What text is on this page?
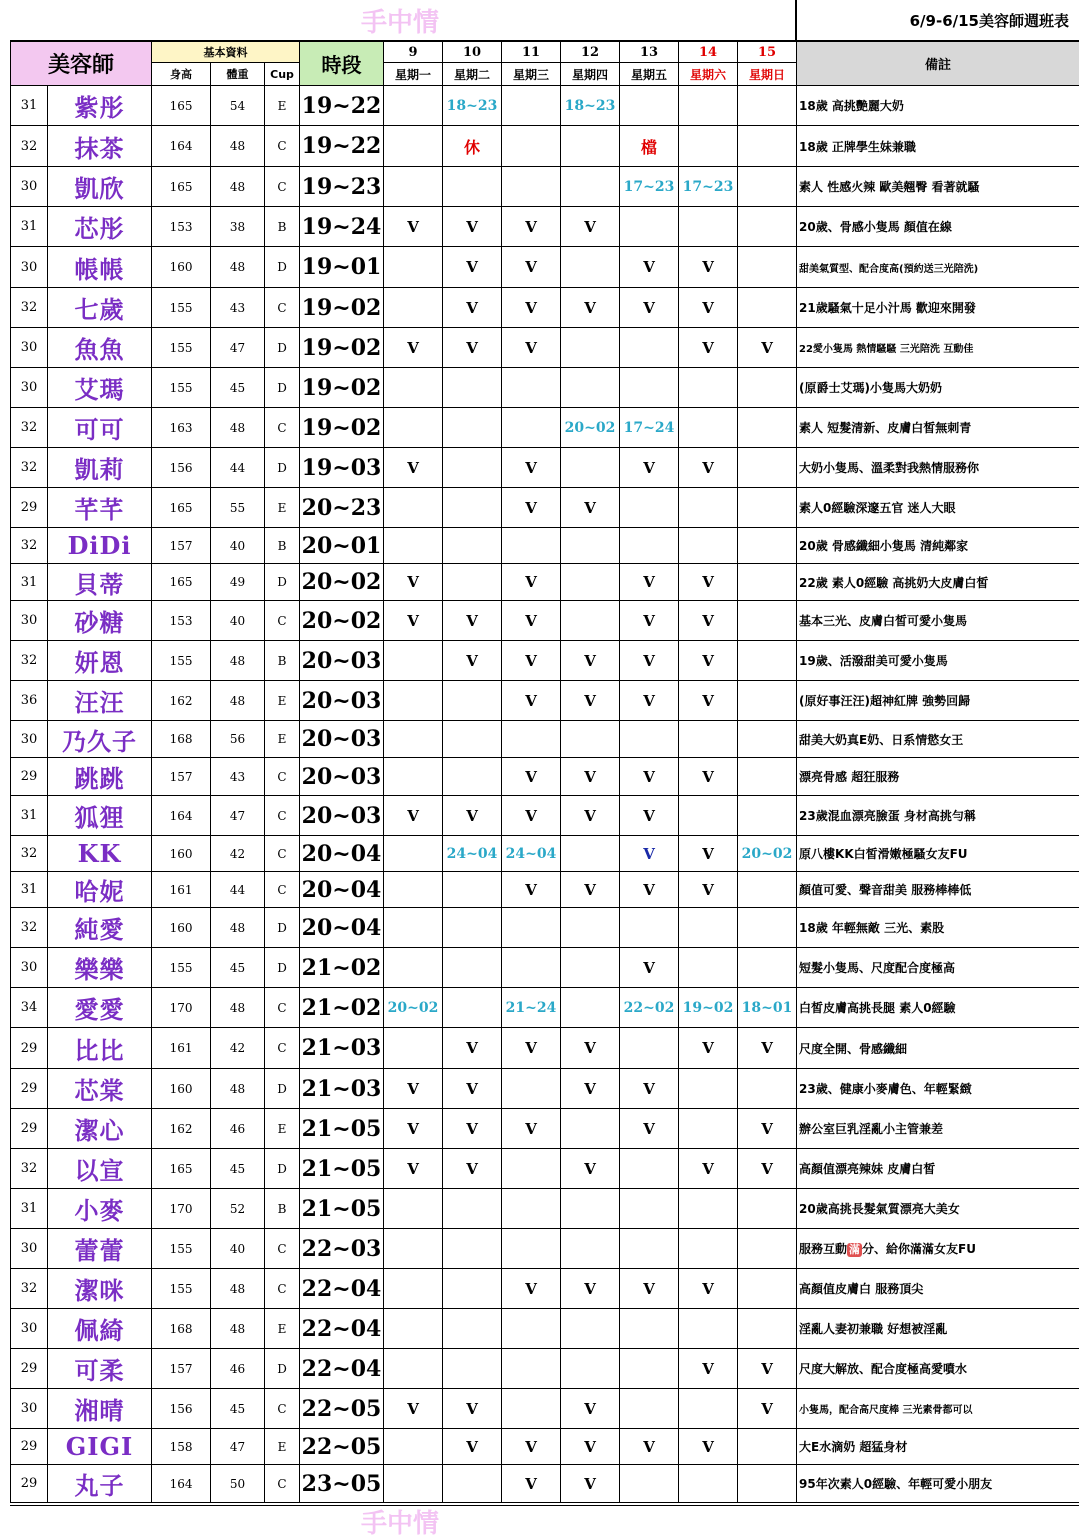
手中情	6/9-6/15美容師週班表
美容師		基本資料			時段	9	10	11	12	13	14	15	備註
		身高	體重	Cup		星期一	星期二	星期三	星期四	星期五	星期六	星期日	
31	紫彤	165	54	E	19~22		18~23		18~23				18歲 高挑艷麗大奶
32	抹茶	164	48	C	19~22		休			檔			18歲 正牌學生妹兼職
30	凱欣	165	48	C	19~23					17~23	17~23		素人 性感火辣 歐美翹臀 看著就騷
31	芯彤	153	38	B	19~24	V	V	V	V				20歲、骨感小隻馬 顏值在線
30	帳帳	160	48	D	19~01		V	V		V	V		甜美氣質型、配合度高(預約送三光陪洗)
32	七歲	155	43	C	19~02		V	V	V	V	V		21歲騷氣十足小汁馬 歡迎來開發
30	魚魚	155	47	D	19~02	V	V	V			V	V	22愛小隻馬 熱情騷騷 三光陪洗 互動佳
30	艾瑪	155	45	D	19~02								(原爵士艾瑪)小隻馬大奶奶
32	可可	163	48	C	19~02				20~02	17~24			素人 短髮清新、皮膚白皙無刺青
32	凱莉	156	44	D	19~03	V		V		V	V		大奶小隻馬、溫柔對我熱情服務你
29	芊芊	165	55	E	20~23			V	V				素人0經驗深邃五官 迷人大眼
32	DiDi	157	40	B	20~01								20歲 骨感纖細小隻馬 清純鄰家
31	貝蒂	165	49	D	20~02	V		V		V	V		22歲 素人0經驗 高挑奶大皮膚白皙
30	砂糖	153	40	C	20~02	V	V	V		V	V		基本三光、皮膚白皙可愛小隻馬
32	妍恩	155	48	B	20~03		V	V	V	V	V		19歲、活潑甜美可愛小隻馬
36	汪汪	162	48	E	20~03			V	V	V	V		(原好事汪汪)超神紅牌 強勢回歸
30	乃久子	168	56	E	20~03								甜美大奶真E奶、日系情慾女王
29	跳跳	157	43	C	20~03			V	V	V	V		漂亮骨感 超狂服務
31	狐狸	164	47	C	20~03	V	V	V	V	V			23歲混血漂亮臉蛋 身材高挑勻稱
32	KK	160	42	C	20~04		24~04	24~04		V	V	20~02	原八樓KK白皙滑嫩極騷女友FU
31	哈妮	161	44	C	20~04			V	V	V	V		顏值可愛、聲音甜美 服務棒棒低
32	純愛	160	48	D	20~04								18歲 年輕無敵 三光、素股
30	樂樂	155	45	D	21~02					V			短髮小隻馬、尺度配合度極高
34	愛愛	170	48	C	21~02	20~02		21~24		22~02	19~02	18~01	白皙皮膚高挑長腿 素人0經驗
29	比比	161	42	C	21~03		V	V	V		V	V	尺度全開、骨感纖細
29	芯棠	160	48	D	21~03	V	V		V	V			23歲、健康小麥膚色、年輕緊緻
29	潔心	162	46	E	21~05	V	V	V		V		V	辦公室巨乳淫亂小主管兼差
32	以宣	165	45	D	21~05	V	V		V		V	V	高顏值漂亮辣妹 皮膚白皙
31	小麥	170	52	B	21~05								20歲高挑長髮氣質漂亮大美女
30	蕾蕾	155	40	C	22~03								服務互動 滿 分、給你滿滿女友FU
32	潔咪	155	48	C	22~04			V	V	V	V		高顏值皮膚白 服務頂尖
30	佩綺	168	48	E	22~04								淫亂人妻初兼職 好想被淫亂
29	可柔	157	46	D	22~04						V	V	尺度大解放、配合度極高愛噴水
30	湘晴	156	45	C	22~05	V	V		V			V	小隻馬，配合高尺度棒 三光素骨都可以
29	GIGI	158	47	E	22~05		V	V	V	V	V		大E水滴奶 超猛身材
29	丸子	164	50	C	23~05			V	V				95年次素人0經驗、年輕可愛小朋友
手中情
